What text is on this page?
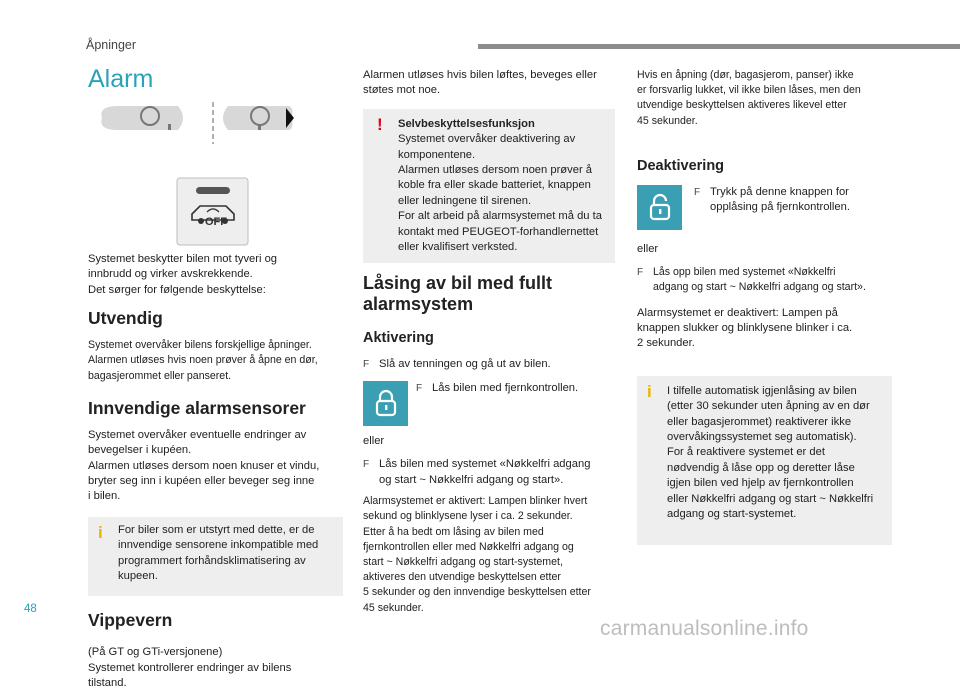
Åpninger
Alarm
OFF

Systemet beskytter bilen mot tyveri og
innbrudd og virker avskrekkende.
Det sørger for følgende beskyttelse:

Utvendig

Systemet overvåker bilens forskjellige åpninger.
Alarmen utløses hvis noen prøver å åpne en dør,
bagasjerommet eller panseret.

Innvendige alarmsensorer

Systemet overvåker eventuelle endringer av
bevegelser i kupéen.
Alarmen utløses dersom noen knuser et vindu,
bryter seg inn i kupéen eller beveger seg inne
i bilen.

i For biler som er utstyrt med dette, er de
innvendige sensorene inkompatible med
programmert forhåndsklimatisering av
kupeen.
Vippevern

(På GT og GTi-versjonene)
Systemet kontrollerer endringer av bilens
tilstand.

Alarmen utløses hvis bilen løftes, beveges eller
støtes mot noe.

! Selvbeskyttelsesfunksjon
Systemet overvåker deaktivering av
komponentene.
Alarmen utløses dersom noen prøver å
koble fra eller skade batteriet, knappen
eller ledningene til sirenen.
For alt arbeid på alarmsystemet må du ta
kontakt med PEUGEOT-forhandlernettet
eller kvalifisert verksted.
Låsing av bil med fullt
alarmsystem
Aktivering
F Slå av tenningen og gå ut av bilen.
F Lås bilen med fjernkontrollen.

eller

F Lås bilen med systemet «Nøkkelfri adgang
og start ~ Nøkkelfri adgang og start».

Alarmsystemet er aktivert: Lampen blinker hvert
sekund og blinklysene lyser i ca. 2 sekunder.
Etter å ha bedt om låsing av bilen med
fjernkontrollen eller med Nøkkelfri adgang og
start ~ Nøkkelfri adgang og start-systemet,
aktiveres den utvendige beskyttelsen etter
5 sekunder og den innvendige beskyttelsen etter
45 sekunder.

Hvis en åpning (dør, bagasjerom, panser) ikke
er forsvarlig lukket, vil ikke bilen låses, men den
utvendige beskyttelsen aktiveres likevel etter
45 sekunder.

Deaktivering
F Trykk på denne knappen for
opplåsing på fjernkontrollen.

eller

F Lås opp bilen med systemet «Nøkkelfri
adgang og start ~ Nøkkelfri adgang og start».

Alarmsystemet er deaktivert: Lampen på
knappen slukker og blinklysene blinker i ca.
2 sekunder.

i I tilfelle automatisk igjenlåsing av bilen
(etter 30 sekunder uten åpning av en dør
eller bagasjerommet) reaktiverer ikke
overvåkingssystemet seg automatisk).
For å reaktivere systemet er det
nødvendig å låse opp og deretter låse
igjen bilen ved hjelp av fjernkontrollen
eller Nøkkelfri adgang og start ~ Nøkkelfri
adgang og start-systemet.
48
carmanualsonline.info
